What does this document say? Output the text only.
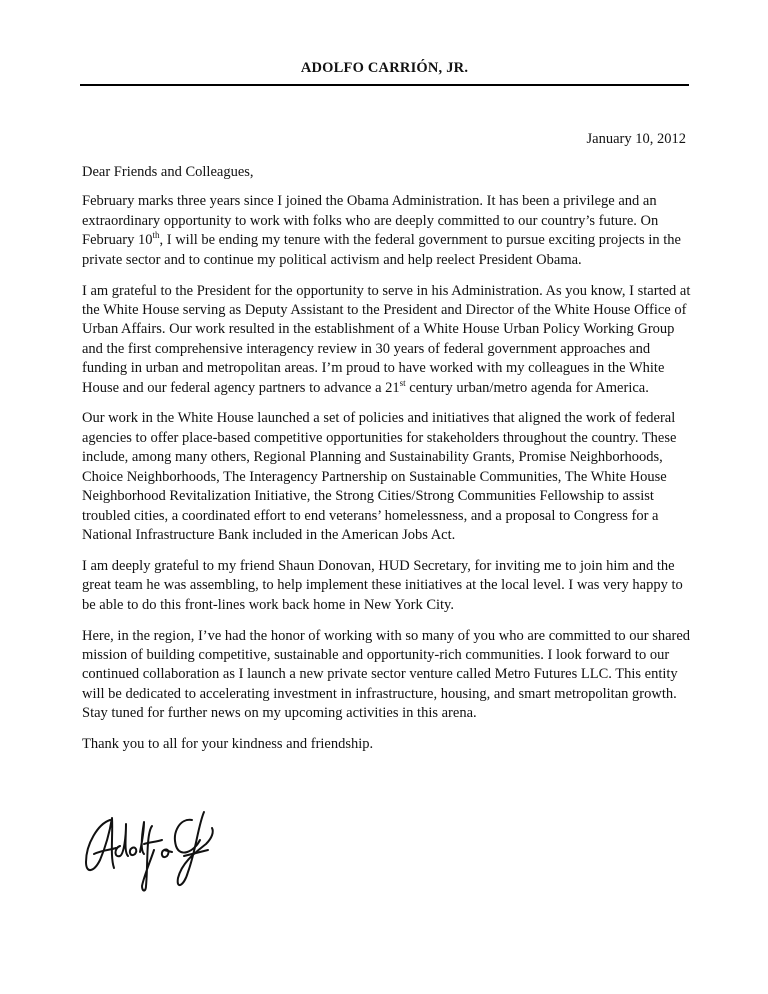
ADOLFO CARRIÓN, JR.
January 10, 2012

Dear Friends and Colleagues,

February marks three years since I joined the Obama Administration. It has been a privilege and an extraordinary opportunity to work with folks who are deeply committed to our country’s future. On February 10th, I will be ending my tenure with the federal government to pursue exciting projects in the private sector and to continue my political activism and help reelect President Obama.

I am grateful to the President for the opportunity to serve in his Administration. As you know, I started at the White House serving as Deputy Assistant to the President and Director of the White House Office of Urban Affairs. Our work resulted in the establishment of a White House Urban Policy Working Group and the first comprehensive interagency review in 30 years of federal government approaches and funding in urban and metropolitan areas. I’m proud to have worked with my colleagues in the White House and our federal agency partners to advance a 21st century urban/metro agenda for America.

Our work in the White House launched a set of policies and initiatives that aligned the work of federal agencies to offer place-based competitive opportunities for stakeholders throughout the country. These include, among many others, Regional Planning and Sustainability Grants, Promise Neighborhoods, Choice Neighborhoods, The Interagency Partnership on Sustainable Communities, The White House Neighborhood Revitalization Initiative, the Strong Cities/Strong Communities Fellowship to assist troubled cities, a coordinated effort to end veterans’ homelessness, and a proposal to Congress for a National Infrastructure Bank included in the American Jobs Act.

I am deeply grateful to my friend Shaun Donovan, HUD Secretary, for inviting me to join him and the great team he was assembling, to help implement these initiatives at the local level. I was very happy to be able to do this front-lines work back home in New York City.

Here, in the region, I’ve had the honor of working with so many of you who are committed to our shared mission of building competitive, sustainable and opportunity-rich communities. I look forward to our continued collaboration as I launch a new private sector venture called Metro Futures LLC. This entity will be dedicated to accelerating investment in infrastructure, housing, and smart metropolitan growth. Stay tuned for further news on my upcoming activities in this arena.

Thank you to all for your kindness and friendship.
